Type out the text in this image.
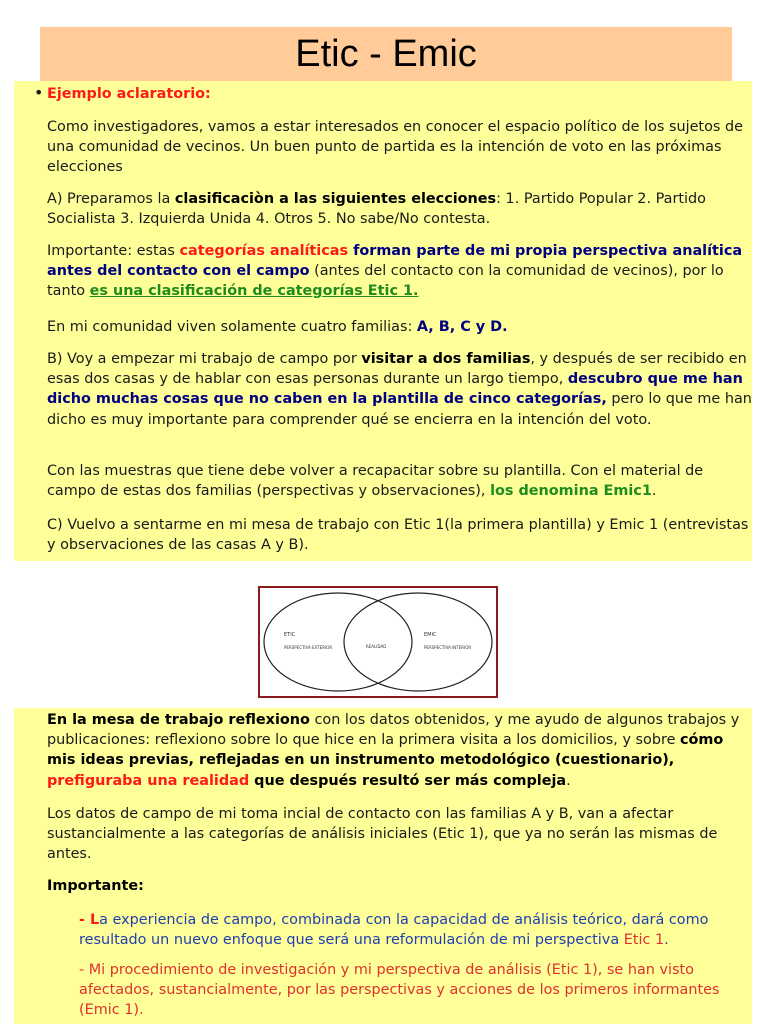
Etic - Emic
• Ejemplo aclaratorio:

Como investigadores, vamos a estar interesados en conocer el espacio político de los sujetos de una comunidad de vecinos. Un buen punto de partida es la intención de voto en las próximas elecciones

A) Preparamos la clasificaciòn a las siguientes elecciones: 1. Partido Popular 2. Partido Socialista 3. Izquierda Unida 4. Otros 5. No sabe/No contesta.

Importante: estas categorías analíticas forman parte de mi propia perspectiva analítica antes del contacto con el campo (antes del contacto con la comunidad de vecinos), por lo tanto es una clasificación de categorías Etic 1.

En mi comunidad viven solamente cuatro familias: A, B, C y D.

B) Voy a empezar mi trabajo de campo por visitar a dos familias, y después de ser recibido en esas dos casas y de hablar con esas personas durante un largo tiempo, descubro que me han dicho muchas cosas que no caben en la plantilla de cinco categorías, pero lo que me han dicho es muy importante para comprender qué se encierra en la intención del voto.

Con las muestras que tiene debe volver a recapacitar sobre su plantilla. Con el material de campo de estas dos familias (perspectivas y observaciones), los denomina Emic1.

C) Vuelvo a sentarme en mi mesa de trabajo con Etic 1(la primera plantilla) y Emic 1 (entrevistas y observaciones de las casas A y B).

ETIC
PERSPECTIVA EXTERIOR	REALIDAD
EMIC
PERSPECTIVA INTERIOR

En la mesa de trabajo reflexiono con los datos obtenidos, y me ayudo de algunos trabajos y publicaciones: reflexiono sobre lo que hice en la primera visita a los domicilios, y sobre cómo mis ideas previas, reflejadas en un instrumento metodológico (cuestionario), prefiguraba una realidad que después resultó ser más compleja.

Los datos de campo de mi toma incial de contacto con las familias A y B, van a afectar sustancialmente a las categorías de análisis iniciales (Etic 1), que ya no serán las mismas de antes.

Importante:

- La experiencia de campo, combinada con la capacidad de análisis teórico, dará como resultado un nuevo enfoque que será una reformulación de mi perspectiva Etic 1.

- Mi procedimiento de investigación y mi perspectiva de análisis (Etic 1), se han visto afectados, sustancialmente, por las perspectivas y acciones de los primeros informantes (Emic 1).
